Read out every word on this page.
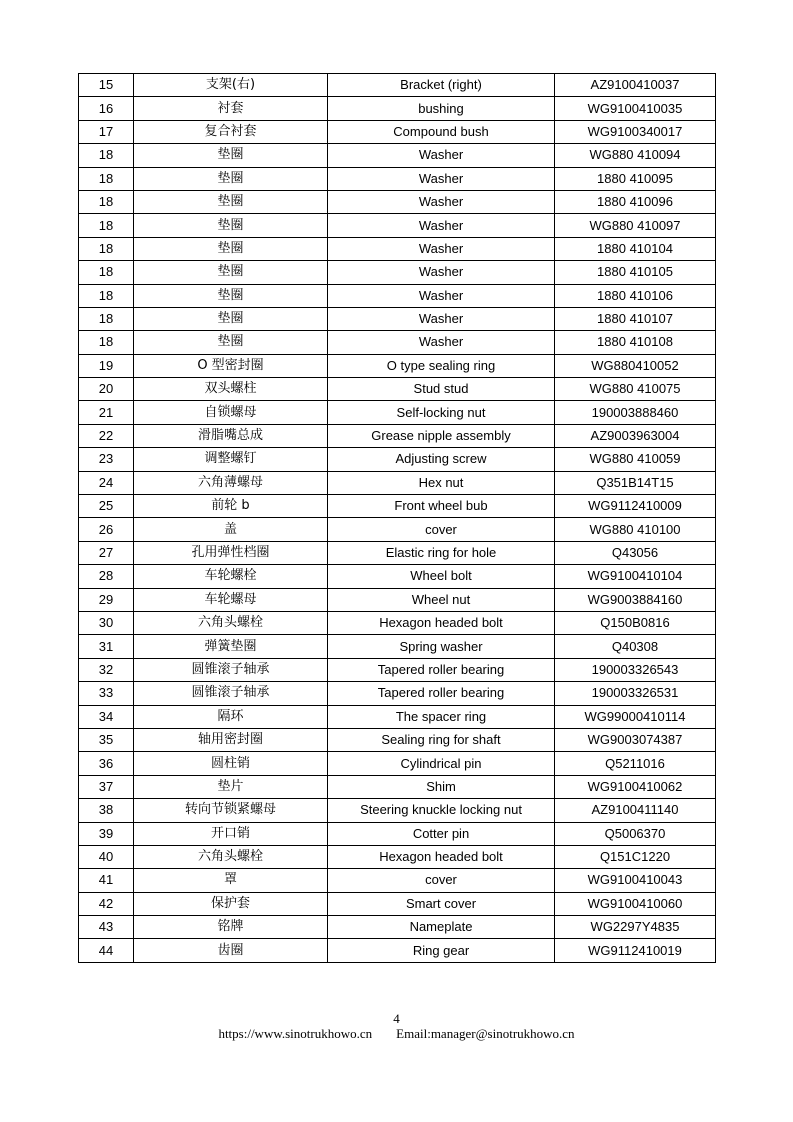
15	支架(右)	Bracket (right)	AZ9100410037
16	衬套	bushing	WG9100410035
17	复合衬套	Compound bush	WG9100340017
18	垫圈	Washer	WG880 410094
18	垫圈	Washer	1880 410095
18	垫圈	Washer	1880 410096
18	垫圈	Washer	WG880 410097
18	垫圈	Washer	1880 410104
18	垫圈	Washer	1880 410105
18	垫圈	Washer	1880 410106
18	垫圈	Washer	1880 410107
18	垫圈	Washer	1880 410108
19	O 型密封圈	O type sealing ring	WG880410052
20	双头螺柱	Stud stud	WG880 410075
21	自锁螺母	Self-locking nut	190003888460
22	滑脂嘴总成	Grease nipple assembly	AZ9003963004
23	调整螺钉	Adjusting screw	WG880 410059
24	六角薄螺母	Hex nut	Q351B14T15
25	前轮 b	Front wheel bub	WG9112410009
26	盖	cover	WG880 410100
27	孔用弹性档圈	Elastic ring for hole	Q43056
28	车轮螺栓	Wheel bolt	WG9100410104
29	车轮螺母	Wheel nut	WG9003884160
30	六角头螺栓	Hexagon headed bolt	Q150B0816
31	弹簧垫圈	Spring washer	Q40308
32	圆锥滚子轴承	Tapered roller bearing	190003326543
33	圆锥滚子轴承	Tapered roller bearing	190003326531
34	隔环	The spacer ring	WG99000410114
35	轴用密封圈	Sealing ring for shaft	WG9003074387
36	圆柱销	Cylindrical pin	Q5211016
37	垫片	Shim	WG9100410062
38	转向节锁紧螺母	Steering knuckle locking nut	AZ9100411140
39	开口销	Cotter pin	Q5006370
40	六角头螺栓	Hexagon headed bolt	Q151C1220
41	罩	cover	WG9100410043
42	保护套	Smart cover	WG9100410060
43	铭牌	Nameplate	WG2297Y4835
44	齿圈	Ring gear	WG9112410019
4
https://www.sinotrukhowo.cn Email:manager@sinotrukhowo.cn
